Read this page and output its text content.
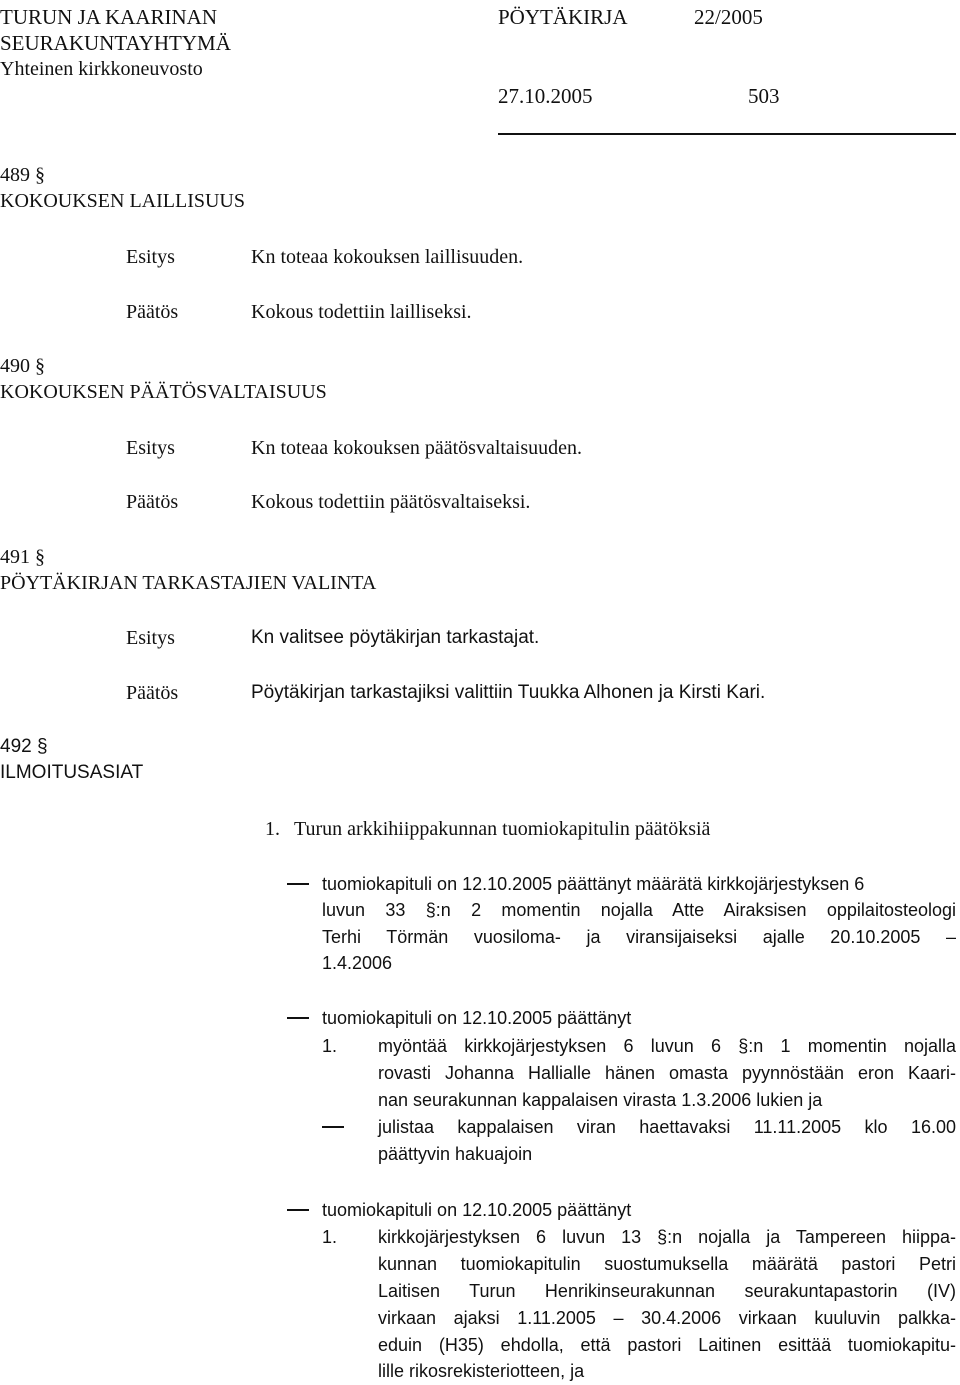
TURUN JA KAARINAN
SEURAKUNTAYHTYMÄ
Yhteinen kirkkoneuvosto
PÖYTÄKIRJA	22/2005
27.10.2005	503
489 §
KOKOUKSEN LAILLISUUS
Esitys	Kn toteaa kokouksen laillisuuden.
Päätös	Kokous todettiin lailliseksi.
490 §
KOKOUKSEN PÄÄTÖSVALTAISUUS
Esitys	Kn toteaa kokouksen päätösvaltaisuuden.
Päätös	Kokous todettiin päätösvaltaiseksi.
491 §
PÖYTÄKIRJAN TARKASTAJIEN VALINTA
Esitys	Kn valitsee pöytäkirjan tarkastajat.
Päätös	Pöytäkirjan tarkastajiksi valittiin Tuukka Alhonen ja Kirsti Kari.
492 §
ILMOITUSASIAT
1. Turun arkkihiippakunnan tuomiokapitulin päätöksiä
tuomiokapituli on 12.10.2005 päättänyt määrätä kirkkojärjestyksen 6
luvun 33 §:n 2 momentin nojalla Atte Airaksisen oppilaitosteologi
Terhi Törmän vuosiloma- ja viransijaiseksi ajalle 20.10.2005 –
1.4.2006
tuomiokapituli on 12.10.2005 päättänyt
1. myöntää kirkkojärjestyksen 6 luvun 6 §:n 1 momentin nojalla
rovasti Johanna Hallialle hänen omasta pyynnöstään eron Kaari-
nan seurakunnan kappalaisen virasta 1.3.2006 lukien ja
julistaa kappalaisen viran haettavaksi 11.11.2005 klo 16.00
päättyvin hakuajoin
tuomiokapituli on 12.10.2005 päättänyt
1. kirkkojärjestyksen 6 luvun 13 §:n nojalla ja Tampereen hiippa-
kunnan tuomiokapitulin suostumuksella määrätä pastori Petri
Laitisen Turun Henrikinseurakunnan seurakuntapastorin (IV)
virkaan ajaksi 1.11.2005 – 30.4.2006 virkaan kuuluvin palkka-
eduin (H35) ehdolla, että pastori Laitinen esittää tuomiokapitu-
lille rikosrekisteriotteen, ja
